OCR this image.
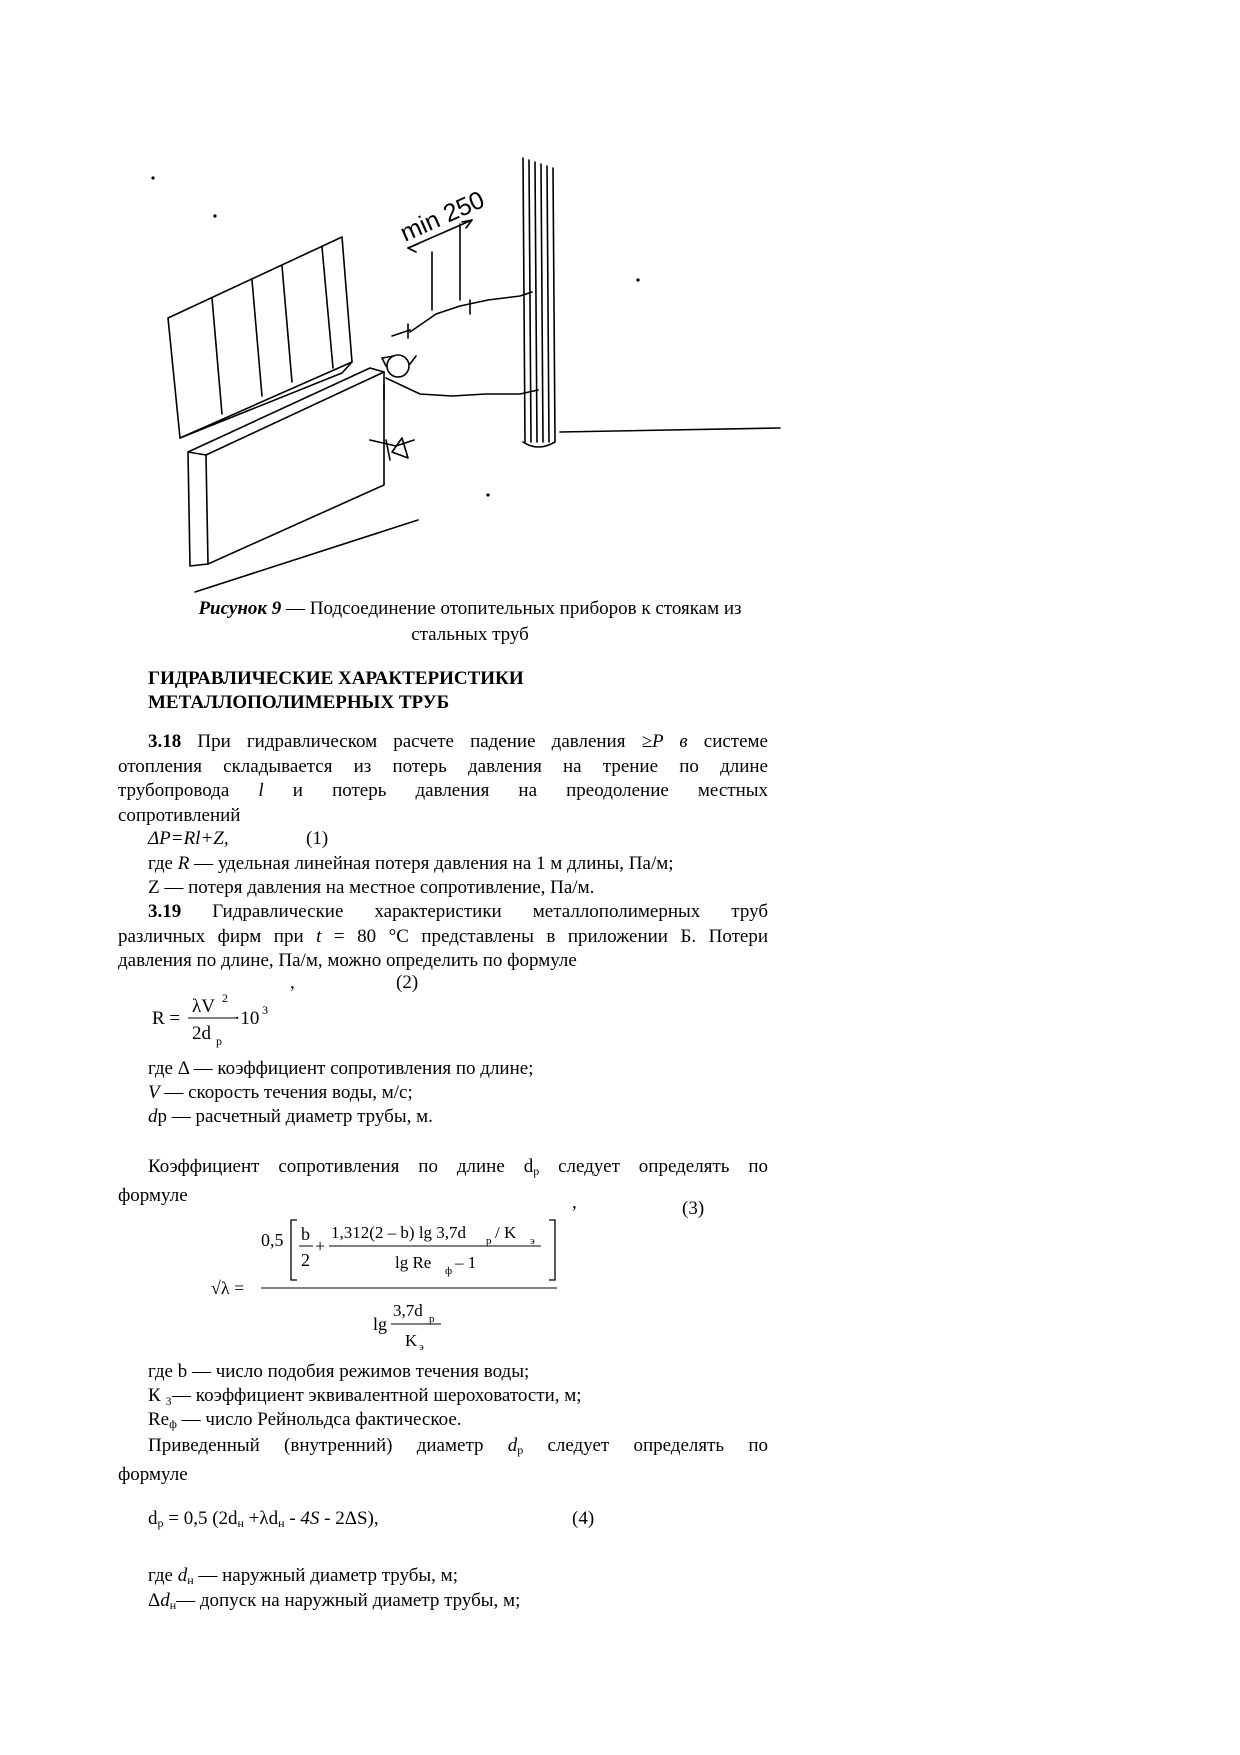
min 250
Рисунок 9 — Подсоединение отопительных приборов к стоякам из
стальных труб
ГИДРАВЛИЧЕСКИЕ ХАРАКТЕРИСТИКИ
МЕТАЛЛОПОЛИМЕРНЫХ ТРУБ
3.18 При гидравлическом расчете падение давления ≥P в системе
отопления складывается из потерь давления на трение по длине
трубопровода l и потерь давления на преодоление местных
сопротивлений
ΔP=Rl+Z,	(1)
где R — удельная линейная потеря давления на 1 м длины, Па/м;
Z — потеря давления на местное сопротивление, Па/м.
3.19 Гидравлические характеристики металлополимерных труб
различных фирм при t = 80 °С представлены в приложении Б. Потери
давления по длине, Па/м, можно определить по формуле
,	(2)
R =
λV 2
2d p
·10 3
где Δ — коэффициент сопротивления по длине;
V — скорость течения воды, м/с;
dр — расчетный диаметр трубы, м.
Коэффициент сопротивления по длине $d_р$ следует определять по
формуле	,	(3)
√λ =
0,5 b
2
+
1,312(2 – b) lg 3,7d p / K э
lg Re ф – 1
lg
3,7d p
K э
где b — число подобия режимов течения воды;
К ₃— коэффициент эквивалентной шероховатости, м;
$Re_ф$ — число Рейнольдса фактическое.
Приведенный (внутренний) диаметр $d_р$ следует определять по
формуле
$d_р = 0,5$ $(2d_н +\lambda d_н - 4S - 2\Delta S)$,	(4)
где $d_н$ — наружный диаметр трубы, м;
$\Delta d_н—$ допуск на наружный диаметр трубы, м;
